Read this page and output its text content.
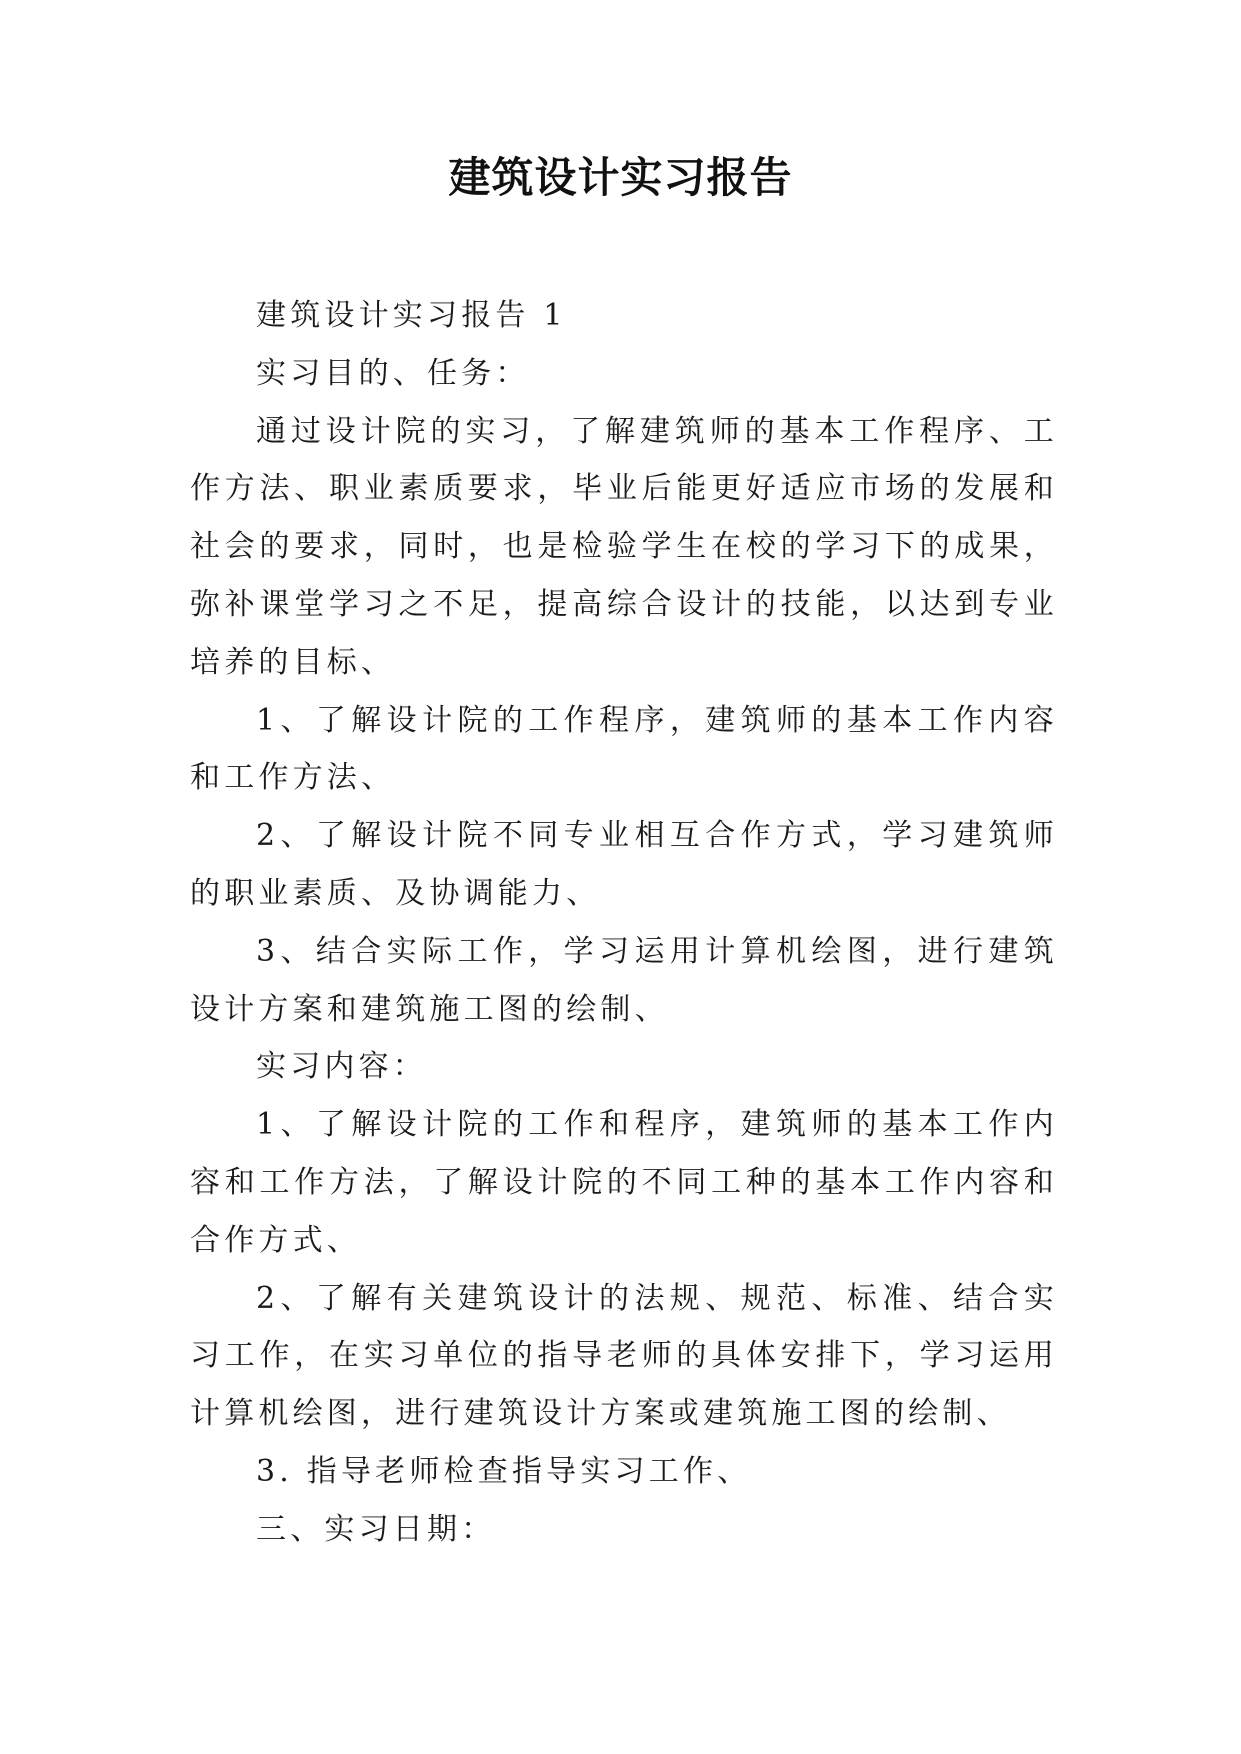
建筑设计实习报告

建筑设计实习报告 1

实习目的、任务：

通过设计院的实习，了解建筑师的基本工作程序、工作方法、职业素质要求，毕业后能更好适应市场的发展和社会的要求，同时，也是检验学生在校的学习下的成果，弥补课堂学习之不足，提高综合设计的技能，以达到专业培养的目标、

1、了解设计院的工作程序，建筑师的基本工作内容和工作方法、

2、了解设计院不同专业相互合作方式，学习建筑师的职业素质、及协调能力、

3、结合实际工作，学习运用计算机绘图，进行建筑设计方案和建筑施工图的绘制、

实习内容：

1、了解设计院的工作和程序，建筑师的基本工作内容和工作方法，了解设计院的不同工种的基本工作内容和合作方式、

2、了解有关建筑设计的法规、规范、标准、结合实习工作，在实习单位的指导老师的具体安排下，学习运用计算机绘图，进行建筑设计方案或建筑施工图的绘制、

3. 指导老师检查指导实习工作、

三、实习日期：
